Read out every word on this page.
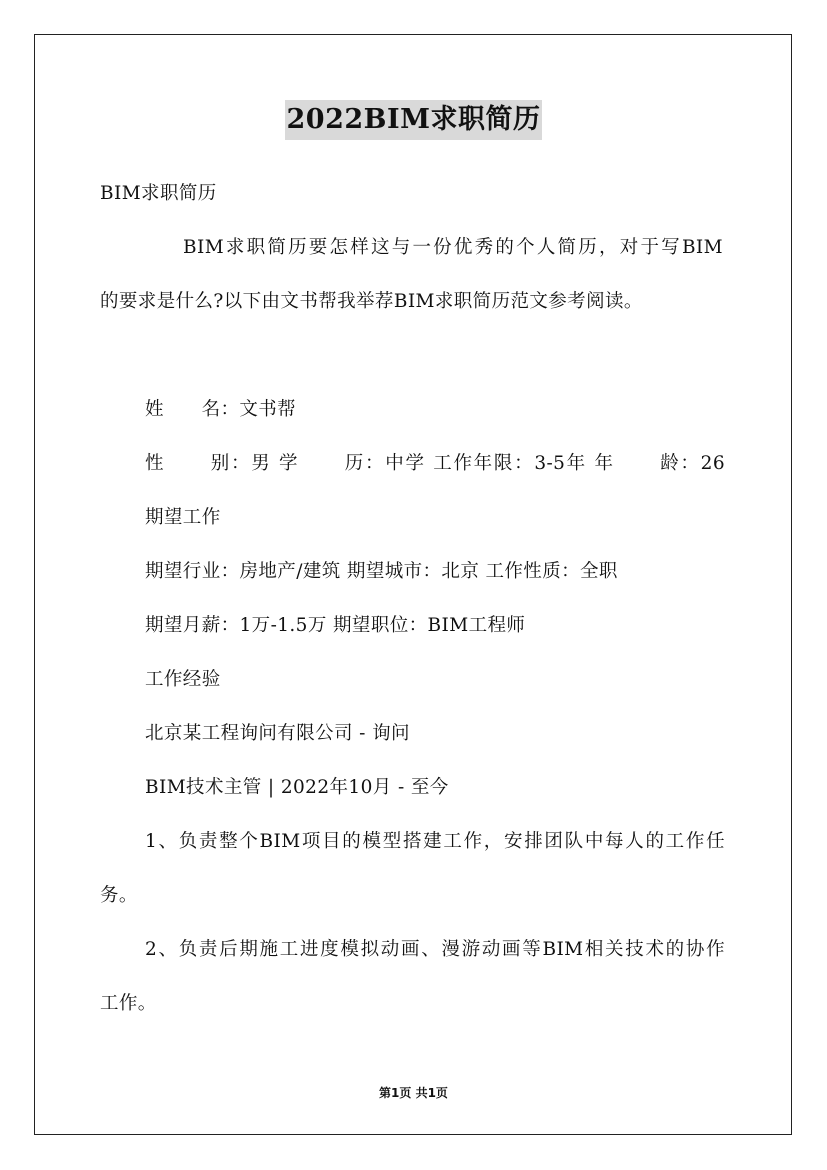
2022BIM求职简历
BIM求职简历
BIM求职简历要怎样这与一份优秀的个人简历，对于写BIM
的要求是什么?以下由文书帮我举荐BIM求职简历范文参考阅读。
姓      名：文书帮
性      别：男 学      历：中学 工作年限：3-5年 年      龄：26
期望工作
期望行业：房地产/建筑 期望城市：北京 工作性质：全职
期望月薪：1万-1.5万 期望职位：BIM工程师
工作经验
北京某工程询问有限公司 - 询问
BIM技术主管 | 2022年10月 - 至今
1、负责整个BIM项目的模型搭建工作，安排团队中每人的工作任
务。
2、负责后期施工进度模拟动画、漫游动画等BIM相关技术的协作
工作。
第1页 共1页
